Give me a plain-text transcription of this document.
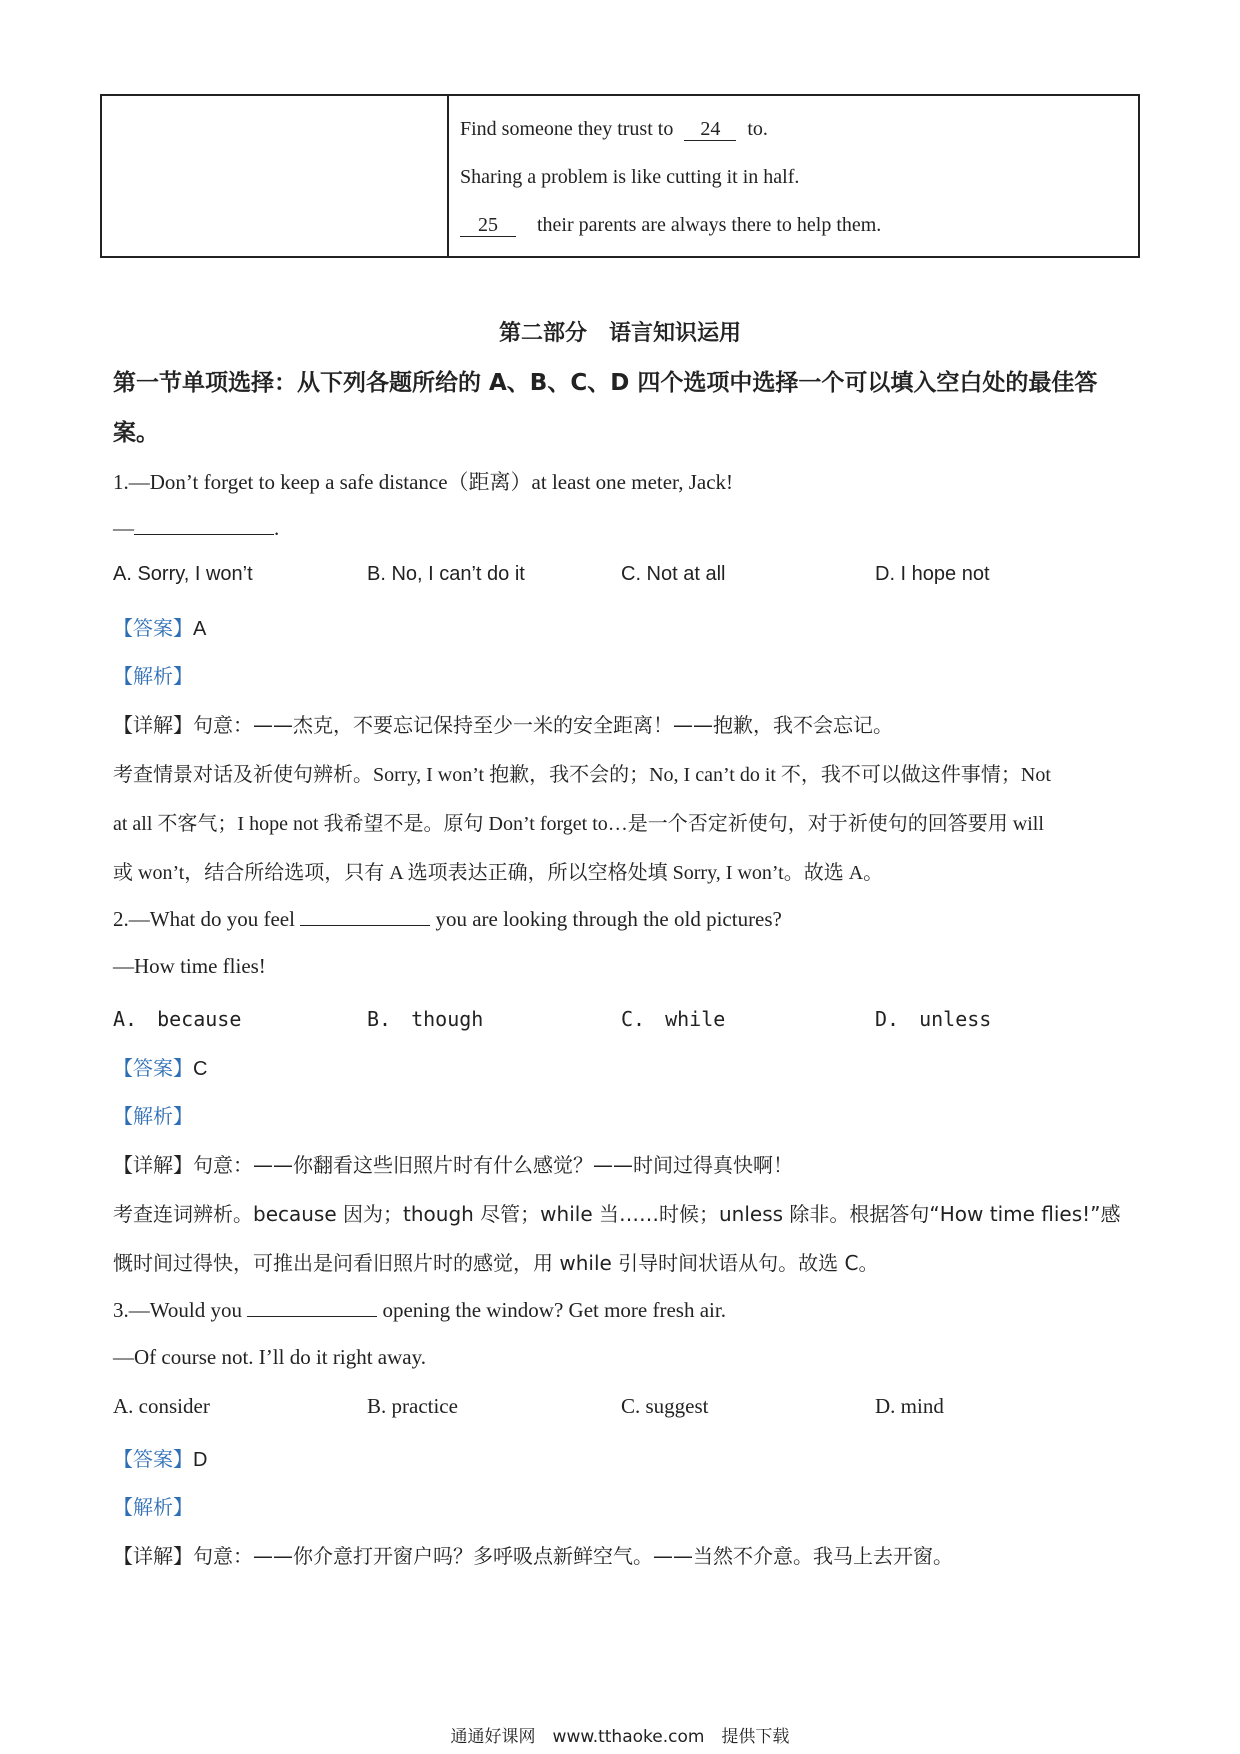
Find someone they trust to 24 to.
Sharing a problem is like cutting it in half.
25 their parents are always there to help them.
第二部分　语言知识运用
第一节单项选择：从下列各题所给的 A、B、C、D 四个选项中选择一个可以填入空白处的最佳答案。
1.—Don’t forget to keep a safe distance（距离）at least one meter, Jack!
—	.
A. Sorry, I won’t	B. No, I can’t do it	C. Not at all	D. I hope not
【答案】A
【解析】
【详解】句意：——杰克，不要忘记保持至少一米的安全距离！——抱歉，我不会忘记。
考查情景对话及祈使句辨析。Sorry, I won’t 抱歉，我不会的；No, I can’t do it 不，我不可以做这件事情；Not
at all 不客气；I hope not 我希望不是。原句 Don’t forget to…是一个否定祈使句，对于祈使句的回答要用 will
或 won’t，结合所给选项，只有 A 选项表达正确，所以空格处填 Sorry, I won’t。故选 A。
2.—What do you feel	you are looking through the old pictures?
—How time flies!
A.　because	B.　though	C.　while	D.　unless
【答案】C
【解析】
【详解】句意：——你翻看这些旧照片时有什么感觉？——时间过得真快啊！
考查连词辨析。because 因为；though 尽管；while 当……时候；unless 除非。根据答句“How time flies!”感
慨时间过得快，可推出是问看旧照片时的感觉，用 while 引导时间状语从句。故选 C。
3.—Would you	opening the window? Get more fresh air.
—Of course not. I’ll do it right away.
A. consider	B. practice	C. suggest	D. mind
【答案】D
【解析】
【详解】句意：——你介意打开窗户吗？多呼吸点新鲜空气。——当然不介意。我马上去开窗。
通通好课网　www.tthaoke.com　提供下载
